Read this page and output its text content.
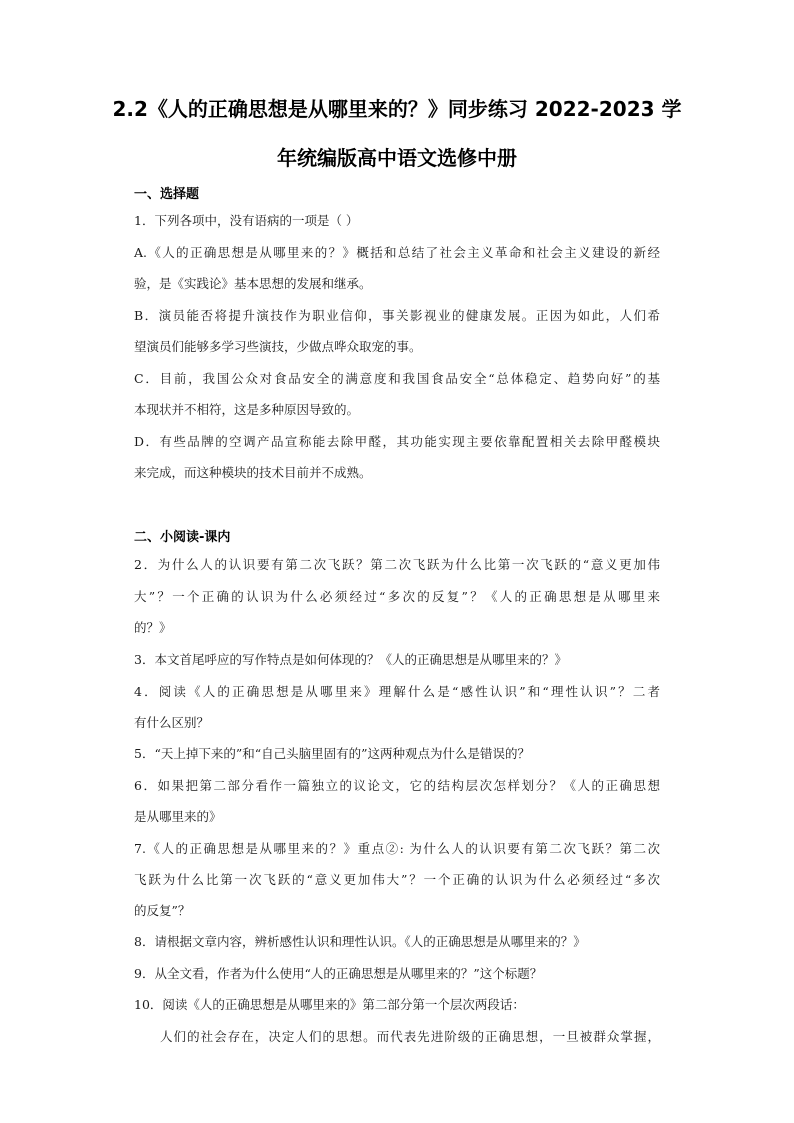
2.2《人的正确思想是从哪里来的？》同步练习 2022-2023 学
年统编版高中语文选修中册
一、选择题
1．下列各项中，没有语病的一项是（ ）
A.《人的正确思想是从哪里来的？》概括和总结了社会主义革命和社会主义建设的新经
验，是《实践论》基本思想的发展和继承。
B．演员能否将提升演技作为职业信仰，事关影视业的健康发展。正因为如此，人们希
望演员们能够多学习些演技，少做点哗众取宠的事。
C．目前，我国公众对食品安全的满意度和我国食品安全“总体稳定、趋势向好”的基
本现状并不相符，这是多种原因导致的。
D．有些品牌的空调产品宣称能去除甲醛，其功能实现主要依靠配置相关去除甲醛模块
来完成，而这种模块的技术目前并不成熟。
二、小阅读-课内
2．为什么人的认识要有第二次飞跃？第二次飞跃为什么比第一次飞跃的“意义更加伟
大”？一个正确的认识为什么必须经过“多次的反复”？《人的正确思想是从哪里来
的？》
3．本文首尾呼应的写作特点是如何体现的？《人的正确思想是从哪里来的？》
4．阅读《人的正确思想是从哪里来》理解什么是“感性认识”和“理性认识”？二者
有什么区别？
5．“天上掉下来的”和“自己头脑里固有的”这两种观点为什么是错误的？
6．如果把第二部分看作一篇独立的议论文，它的结构层次怎样划分？《人的正确思想
是从哪里来的》
7.《人的正确思想是从哪里来的？》重点②: 为什么人的认识要有第二次飞跃？第二次
飞跃为什么比第一次飞跃的“意义更加伟大”？一个正确的认识为什么必须经过“多次
的反复”？
8．请根据文章内容，辨析感性认识和理性认识。《人的正确思想是从哪里来的？》
9．从全文看，作者为什么使用“人的正确思想是从哪里来的？”这个标题？
10．阅读《人的正确思想是从哪里来的》第二部分第一个层次两段话：
人们的社会存在，决定人们的思想。而代表先进阶级的正确思想，一旦被群众掌握，
